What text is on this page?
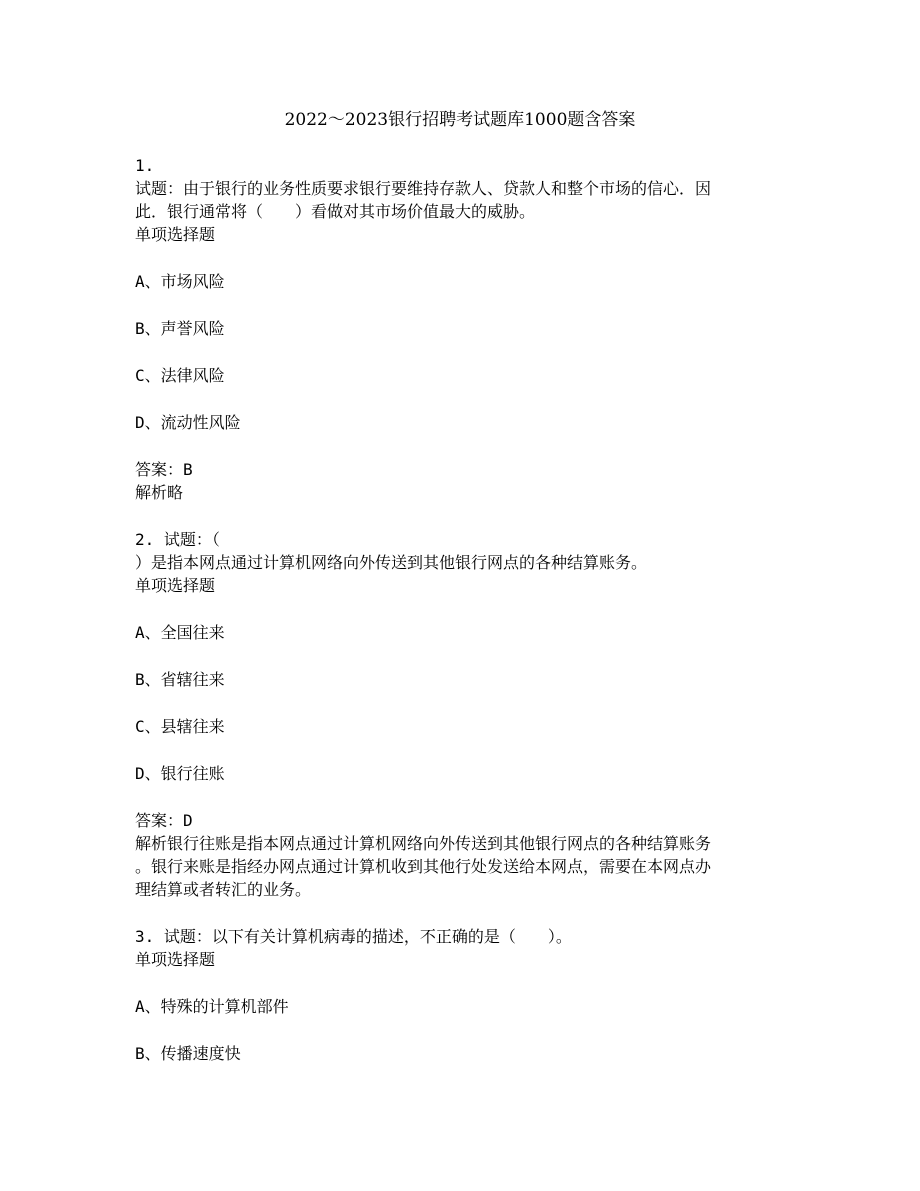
2022～2023银行招聘考试题库1000题含答案
1.
试题：由于银行的业务性质要求银行要维持存款人、贷款人和整个市场的信心．因
此．银行通常将（　　）看做对其市场价值最大的威胁。
单项选择题
A、市场风险
B、声誉风险
C、法律风险
D、流动性风险
答案：B
解析略
2. 试题：（
）是指本网点通过计算机网络向外传送到其他银行网点的各种结算账务。
单项选择题
A、全国往来
B、省辖往来
C、县辖往来
D、银行往账
答案：D
解析银行往账是指本网点通过计算机网络向外传送到其他银行网点的各种结算账务
。银行来账是指经办网点通过计算机收到其他行处发送给本网点，需要在本网点办
理结算或者转汇的业务。
3. 试题：以下有关计算机病毒的描述，不正确的是（　　）。
单项选择题
A、特殊的计算机部件
B、传播速度快
